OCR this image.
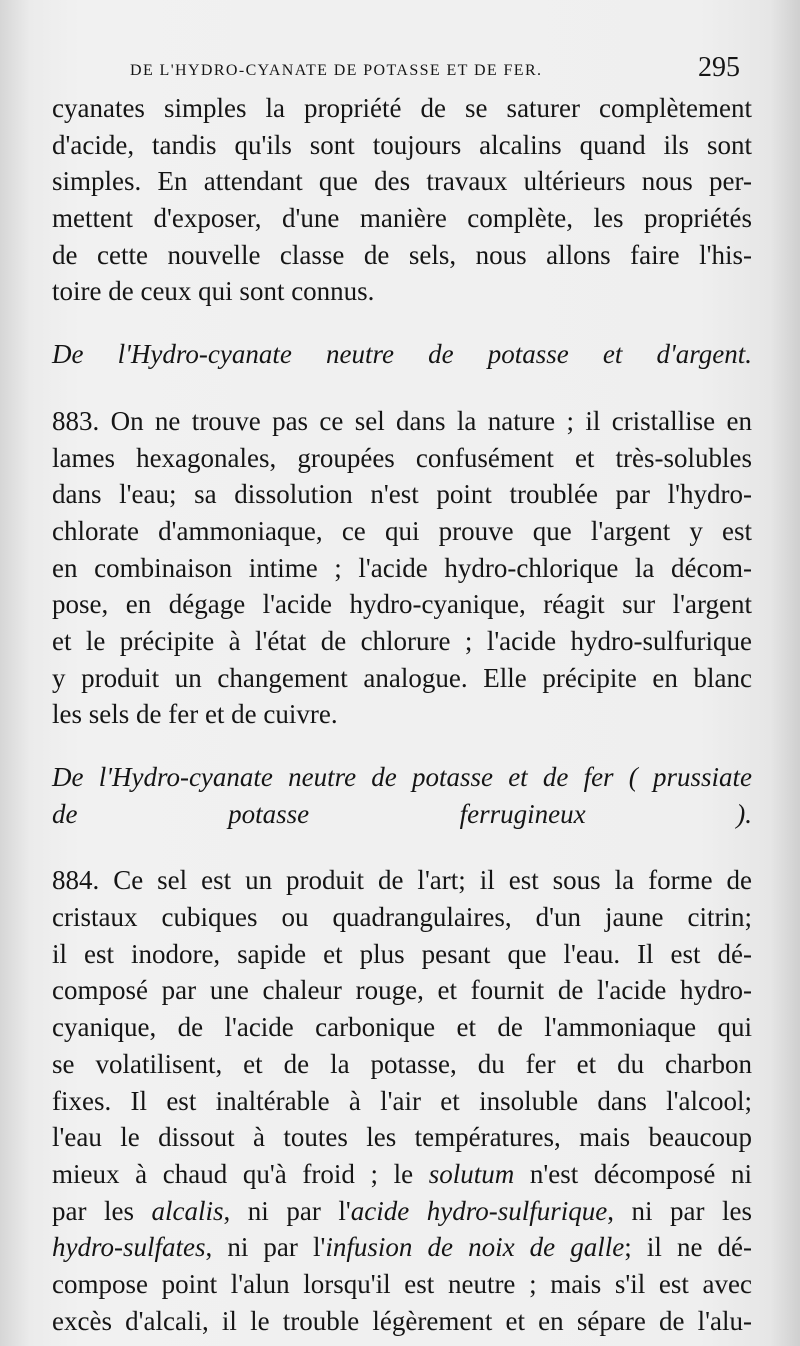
DE L'HYDRO-CYANATE DE POTASSE ET DE FER.	295
cyanates simples la propriété de se saturer complètement
d'acide, tandis qu'ils sont toujours alcalins quand ils sont
simples. En attendant que des travaux ultérieurs nous per-
mettent d'exposer, d'une manière complète, les propriétés
de cette nouvelle classe de sels, nous allons faire l'his-
toire de ceux qui sont connus.
De l'Hydro-cyanate neutre de potasse et d'argent.
883. On ne trouve pas ce sel dans la nature ; il cristallise en
lames hexagonales, groupées confusément et très-solubles
dans l'eau; sa dissolution n'est point troublée par l'hydro-
chlorate d'ammoniaque, ce qui prouve que l'argent y est
en combinaison intime ; l'acide hydro-chlorique la décom-
pose, en dégage l'acide hydro-cyanique, réagit sur l'argent
et le précipite à l'état de chlorure ; l'acide hydro-sulfurique
y produit un changement analogue. Elle précipite en blanc
les sels de fer et de cuivre.
De l'Hydro-cyanate neutre de potasse et de fer ( prussiate
de potasse ferrugineux ).
884. Ce sel est un produit de l'art; il est sous la forme de
cristaux cubiques ou quadrangulaires, d'un jaune citrin;
il est inodore, sapide et plus pesant que l'eau. Il est dé-
composé par une chaleur rouge, et fournit de l'acide hydro-
cyanique, de l'acide carbonique et de l'ammoniaque qui
se volatilisent, et de la potasse, du fer et du charbon
fixes. Il est inaltérable à l'air et insoluble dans l'alcool;
l'eau le dissout à toutes les températures, mais beaucoup
mieux à chaud qu'à froid ; le solutum n'est décomposé ni
par les alcalis, ni par l'acide hydro-sulfurique, ni par les
hydro-sulfates, ni par l'infusion de noix de galle; il ne dé-
compose point l'alun lorsqu'il est neutre ; mais s'il est avec
excès d'alcali, il le trouble légèrement et en sépare de l'alu-
